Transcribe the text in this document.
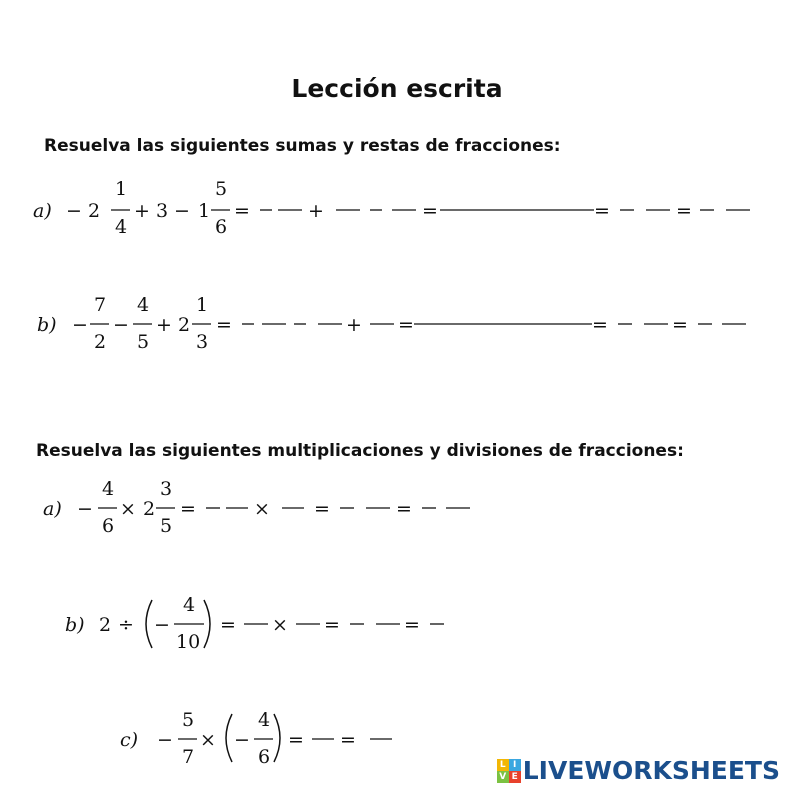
Lección escrita
Resuelva las siguientes sumas y restas de fracciones:
Resuelva las siguientes multiplicaciones y divisiones de fracciones:
a) − 2
1
4
+ 3 − 1
5
6
=	+	=	=	=
b) −
7
2
−
4
5
+ 2
1
3
=	+ =	=	=
a) −
4
6
× 2
3
5
=	× =	=
b) 2 ÷ −
4
10
= × =	=
c) −
5
7
× −
4
6
= =
L I
V E LIVEWORKSHEETS
